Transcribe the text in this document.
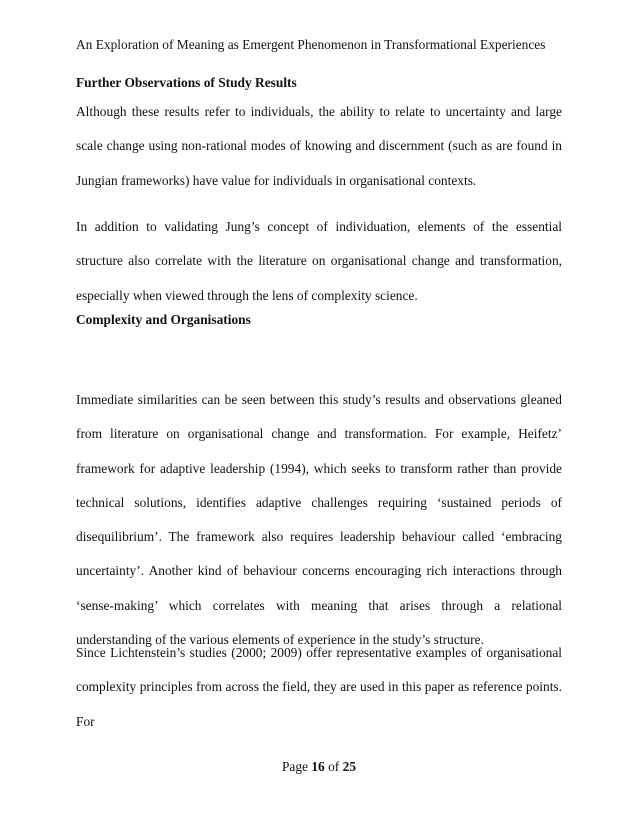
An Exploration of Meaning as Emergent Phenomenon in Transformational Experiences
Further Observations of Study Results
Although these results refer to individuals, the ability to relate to uncertainty and large scale change using non-rational modes of knowing and discernment (such as are found in Jungian frameworks) have value for individuals in organisational contexts.
In addition to validating Jung’s concept of individuation, elements of the essential structure also correlate with the literature on organisational change and transformation, especially when viewed through the lens of complexity science.
Complexity and Organisations
Immediate similarities can be seen between this study’s results and observations gleaned from literature on organisational change and transformation. For example, Heifetz’ framework for adaptive leadership (1994), which seeks to transform rather than provide technical solutions, identifies adaptive challenges requiring ‘sustained periods of disequilibrium’. The framework also requires leadership behaviour called ‘embracing uncertainty’. Another kind of behaviour concerns encouraging rich interactions through ‘sense-making’ which correlates with meaning that arises through a relational understanding of the various elements of experience in the study’s structure.
Since Lichtenstein’s studies (2000; 2009) offer representative examples of organisational complexity principles from across the field, they are used in this paper as reference points. For
Page 16 of 25
